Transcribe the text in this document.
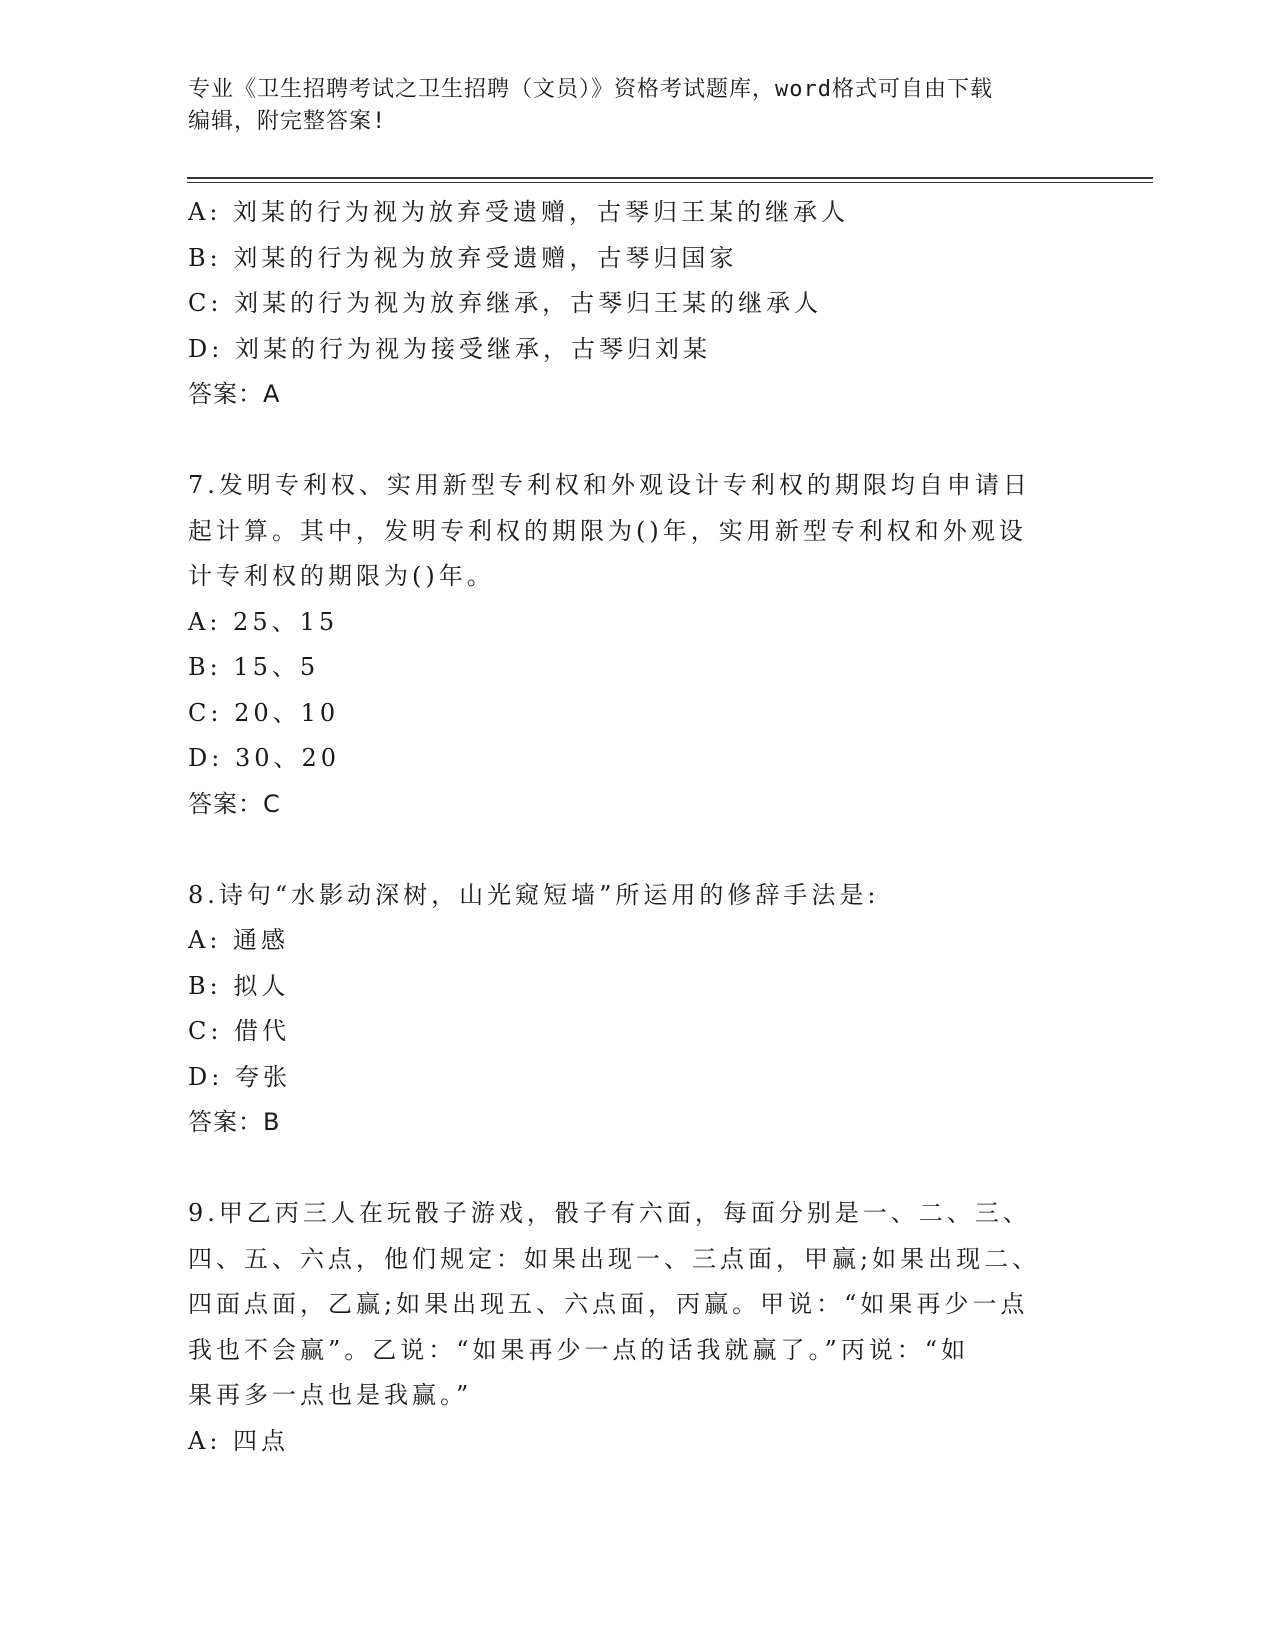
专业《卫生招聘考试之卫生招聘（文员）》资格考试题库，word格式可自由下载
编辑，附完整答案!
A: 刘某的行为视为放弃受遗赠，古琴归王某的继承人
B: 刘某的行为视为放弃受遗赠，古琴归国家
C: 刘某的行为视为放弃继承，古琴归王某的继承人
D: 刘某的行为视为接受继承，古琴归刘某
答案：A
7.发明专利权、实用新型专利权和外观设计专利权的期限均自申请日
起计算。其中，发明专利权的期限为()年，实用新型专利权和外观设
计专利权的期限为()年。
A: 25、15
B: 15、5
C: 20、10
D: 30、20
答案：C
8.诗句“水影动深树，山光窥短墙”所运用的修辞手法是:
A: 通感
B: 拟人
C: 借代
D: 夸张
答案：B
9.甲乙丙三人在玩骰子游戏，骰子有六面，每面分别是一、二、三、
四、五、六点，他们规定：如果出现一、三点面，甲赢;如果出现二、
四面点面，乙赢;如果出现五、六点面，丙赢。甲说：“如果再少一点
我也不会赢”。乙说：“如果再少一点的话我就赢了。”丙说：“如
果再多一点也是我赢。”
A: 四点
